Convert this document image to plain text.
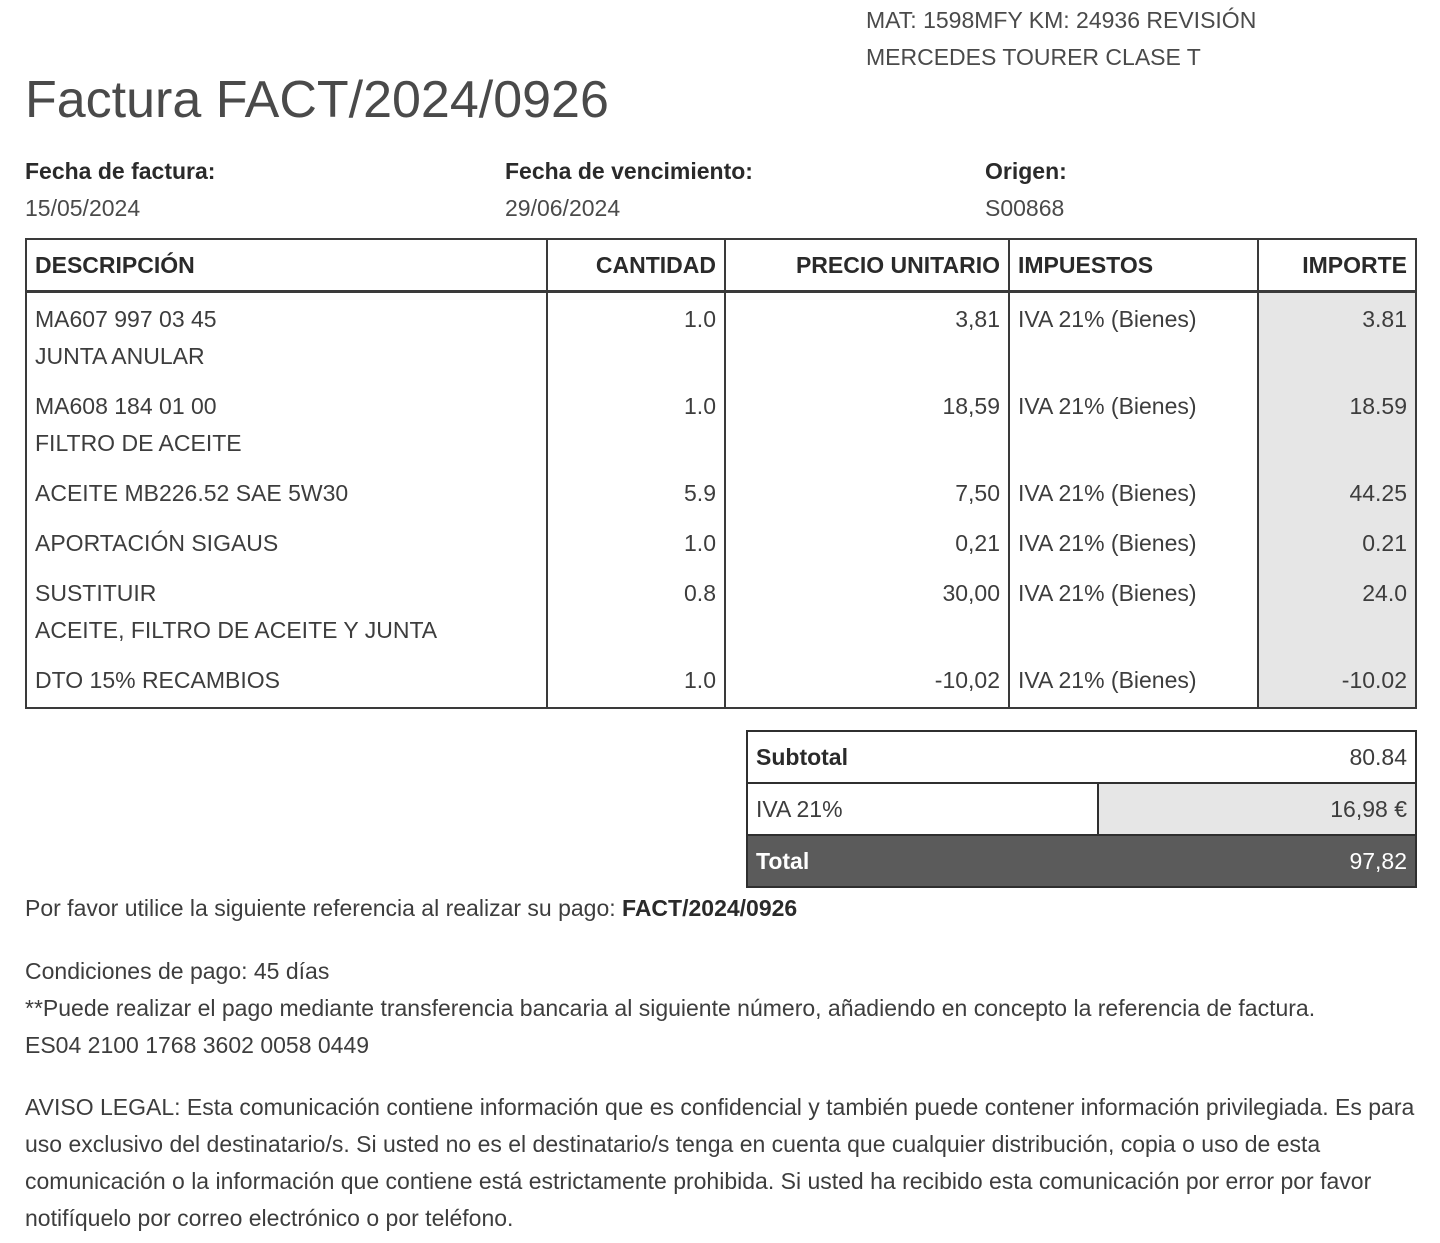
MAT: 1598MFY KM: 24936 REVISIÓN
MERCEDES TOURER CLASE T
Factura FACT/2024/0926
Fecha de factura:
15/05/2024
Fecha de vencimiento:
29/06/2024
Origen:
S00868
DESCRIPCIÓN	CANTIDAD	PRECIO UNITARIO	IMPUESTOS	IMPORTE

MA607 997 03 45
JUNTA ANULAR	1.0	3,81	IVA 21% (Bienes)	3.81

MA608 184 01 00
FILTRO DE ACEITE	1.0	18,59	IVA 21% (Bienes)	18.59

ACEITE MB226.52 SAE 5W30	5.9	7,50	IVA 21% (Bienes)	44.25

APORTACIÓN SIGAUS	1.0	0,21	IVA 21% (Bienes)	0.21

SUSTITUIR
ACEITE, FILTRO DE ACEITE Y JUNTA	0.8	30,00	IVA 21% (Bienes)	24.0

DTO 15% RECAMBIOS	1.0	-10,02	IVA 21% (Bienes)	-10.02
Subtotal	80.84
IVA 21%	16,98 €
Total	97,82
Por favor utilice la siguiente referencia al realizar su pago: FACT/2024/0926
Condiciones de pago: 45 días
**Puede realizar el pago mediante transferencia bancaria al siguiente número, añadiendo en concepto la referencia de factura.
ES04 2100 1768 3602 0058 0449

AVISO LEGAL: Esta comunicación contiene información que es confidencial y también puede contener información privilegiada. Es para uso exclusivo del destinatario/s. Si usted no es el destinatario/s tenga en cuenta que cualquier distribución, copia o uso de esta comunicación o la información que contiene está estrictamente prohibida. Si usted ha recibido esta comunicación por error por favor notifíquelo por correo electrónico o por teléfono.
